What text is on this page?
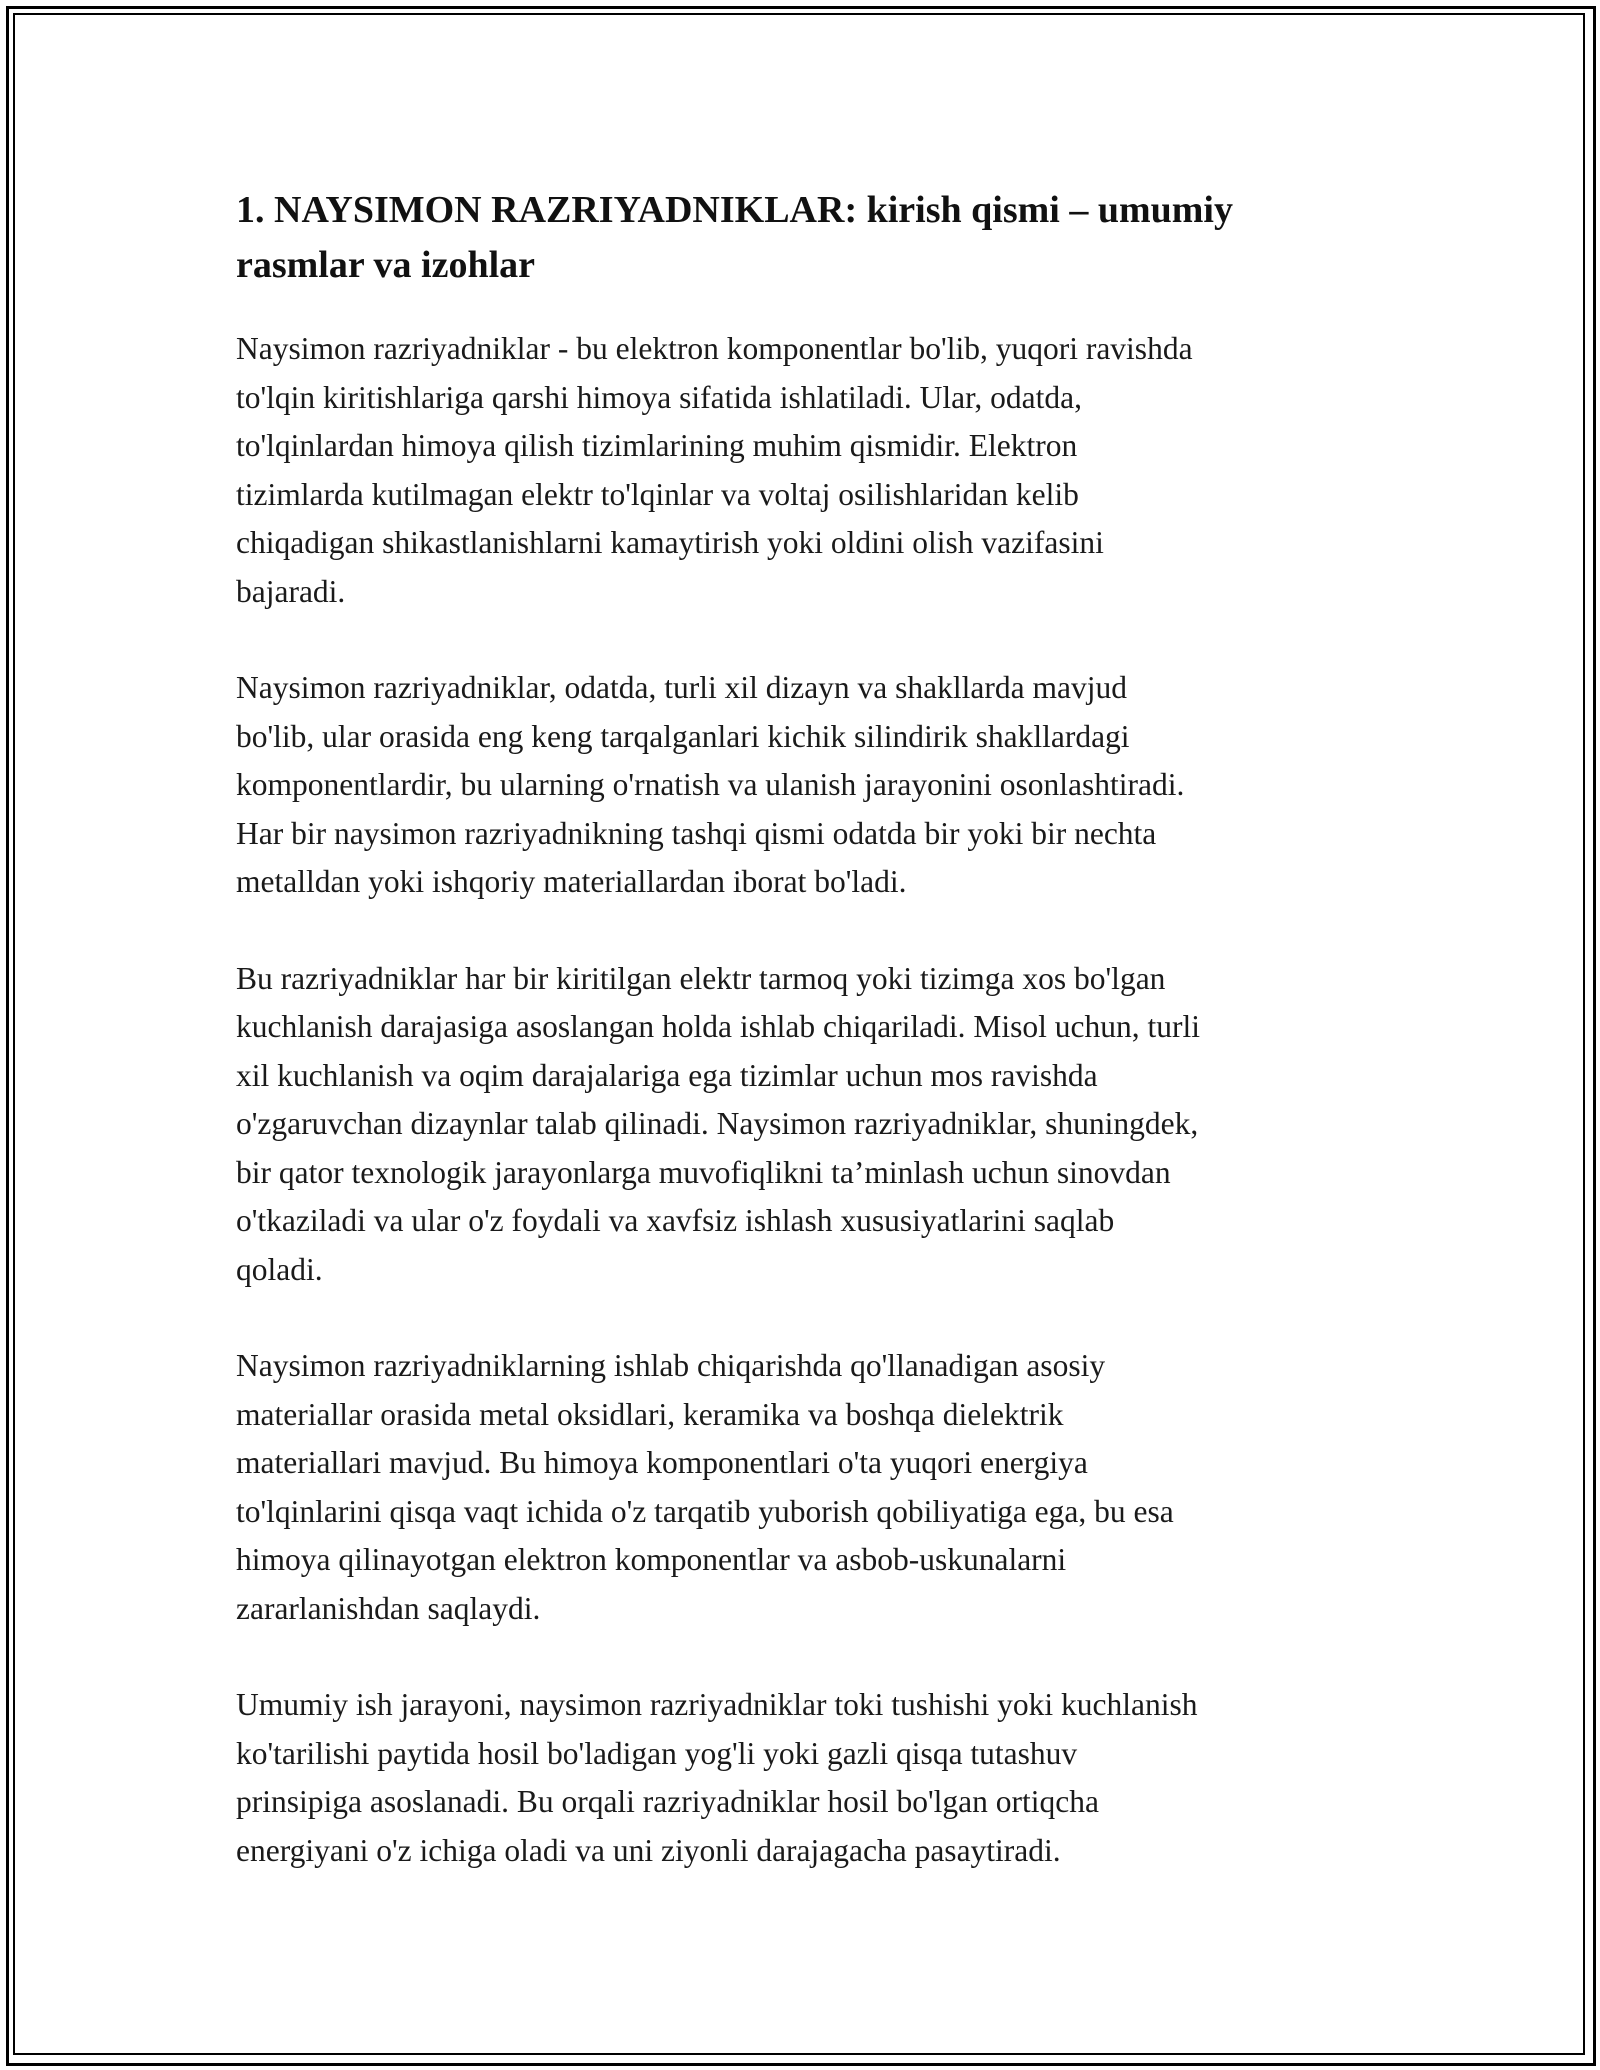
1. NAYSIMON RAZRIYADNIKLAR: kirish qismi – umumiy
rasmlar va izohlar

Naysimon razriyadniklar - bu elektron komponentlar bo'lib, yuqori ravishda
to'lqin kiritishlariga qarshi himoya sifatida ishlatiladi. Ular, odatda,
to'lqinlardan himoya qilish tizimlarining muhim qismidir. Elektron
tizimlarda kutilmagan elektr to'lqinlar va voltaj osilishlaridan kelib
chiqadigan shikastlanishlarni kamaytirish yoki oldini olish vazifasini
bajaradi.

Naysimon razriyadniklar, odatda, turli xil dizayn va shakllarda mavjud
bo'lib, ular orasida eng keng tarqalganlari kichik silindirik shakllardagi
komponentlardir, bu ularning o'rnatish va ulanish jarayonini osonlashtiradi.
Har bir naysimon razriyadnikning tashqi qismi odatda bir yoki bir nechta
metalldan yoki ishqoriy materiallardan iborat bo'ladi.

Bu razriyadniklar har bir kiritilgan elektr tarmoq yoki tizimga xos bo'lgan
kuchlanish darajasiga asoslangan holda ishlab chiqariladi. Misol uchun, turli
xil kuchlanish va oqim darajalariga ega tizimlar uchun mos ravishda
o'zgaruvchan dizaynlar talab qilinadi. Naysimon razriyadniklar, shuningdek,
bir qator texnologik jarayonlarga muvofiqlikni ta’minlash uchun sinovdan
o'tkaziladi va ular o'z foydali va xavfsiz ishlash xususiyatlarini saqlab
qoladi.

Naysimon razriyadniklarning ishlab chiqarishda qo'llanadigan asosiy
materiallar orasida metal oksidlari, keramika va boshqa dielektrik
materiallari mavjud. Bu himoya komponentlari o'ta yuqori energiya
to'lqinlarini qisqa vaqt ichida o'z tarqatib yuborish qobiliyatiga ega, bu esa
himoya qilinayotgan elektron komponentlar va asbob-uskunalarni
zararlanishdan saqlaydi.

Umumiy ish jarayoni, naysimon razriyadniklar toki tushishi yoki kuchlanish
ko'tarilishi paytida hosil bo'ladigan yog'li yoki gazli qisqa tutashuv
prinsipiga asoslanadi. Bu orqali razriyadniklar hosil bo'lgan ortiqcha
energiyani o'z ichiga oladi va uni ziyonli darajagacha pasaytiradi.
